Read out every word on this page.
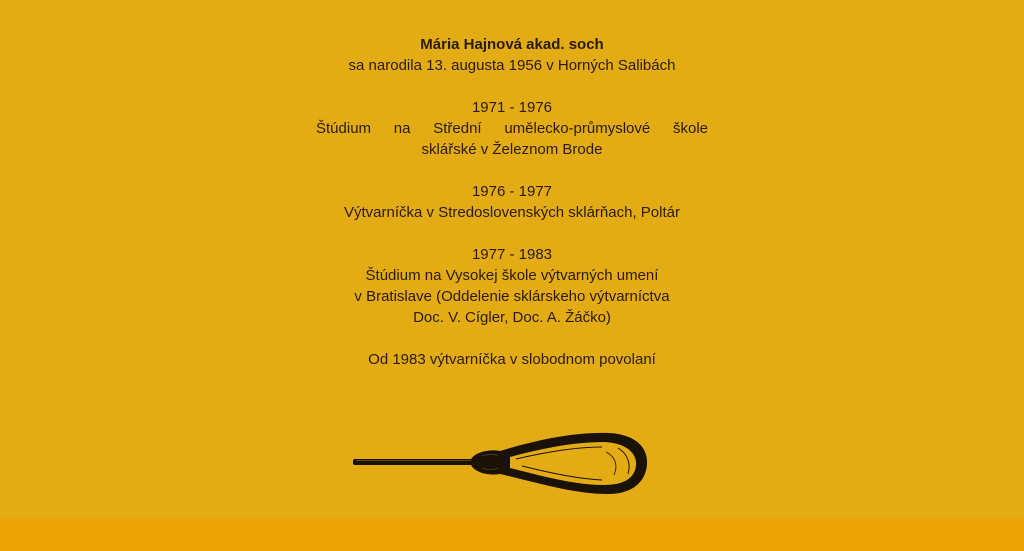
Mária Hajnová akad. soch

sa narodila 13. augusta 1956 v Horných Salibách

1971 - 1976

Štúdium na Střední umělecko-průmyslové škole

sklářské v Železnom Brode

1976 - 1977

Výtvarníčka v Stredoslovenských sklárňach, Poltár

1977 - 1983

Štúdium na Vysokej škole výtvarných umení

v Bratislave (Oddelenie sklárskeho výtvarníctva

Doc. V. Cígler, Doc. A. Žáčko)

Od 1983 výtvarníčka v slobodnom povolaní
